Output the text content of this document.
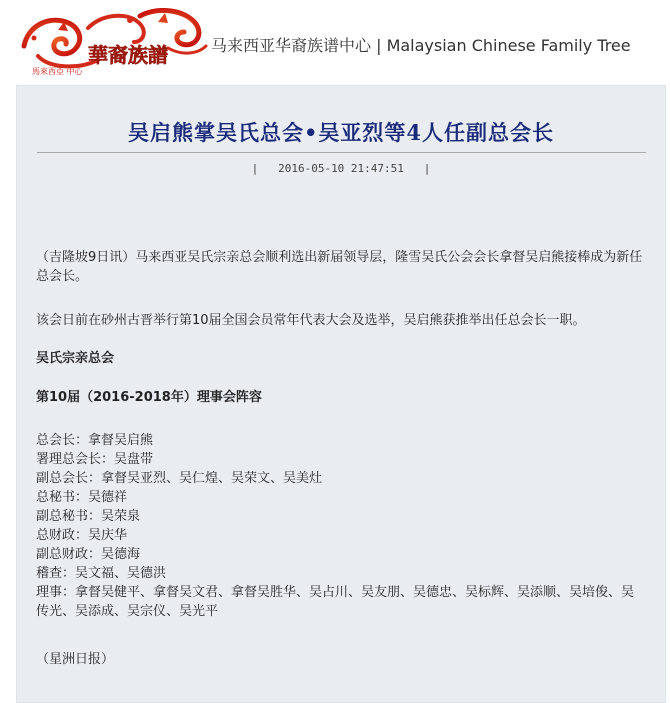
華裔族譜
馬來西亞 中心
马来西亚华裔族谱中心 | Malaysian Chinese Family Tree
吴启熊掌吴氏总会•吴亚烈等4人任副总会长
|   2016-05-10 21:47:51   |

（吉隆坡9日讯）马来西亚吴氏宗亲总会顺利选出新届领导层，隆雪吴氏公会会长拿督吴启熊接棒成为新任总会长。

该会日前在砂州古晋举行第10届全国会员常年代表大会及选举，吴启熊获推举出任总会长一职。

吴氏宗亲总会

第10届（2016-2018年）理事会阵容

总会长：拿督吴启熊
署理总会长：吴盘带
副总会长：拿督吴亚烈、吴仁煌、吴荣文、吴美灶
总秘书：吴德祥
副总秘书：吴荣泉
总财政：吴庆华
副总财政：吴德海
稽查：吴文福、吴德洪
理事：拿督吴健平、拿督吴文君、拿督吴胜华、吴占川、吴友朋、吴德忠、吴标辉、吴添顺、吴培俊、吴传光、吴添成、吴宗仪、吴光平

（星洲日报）
